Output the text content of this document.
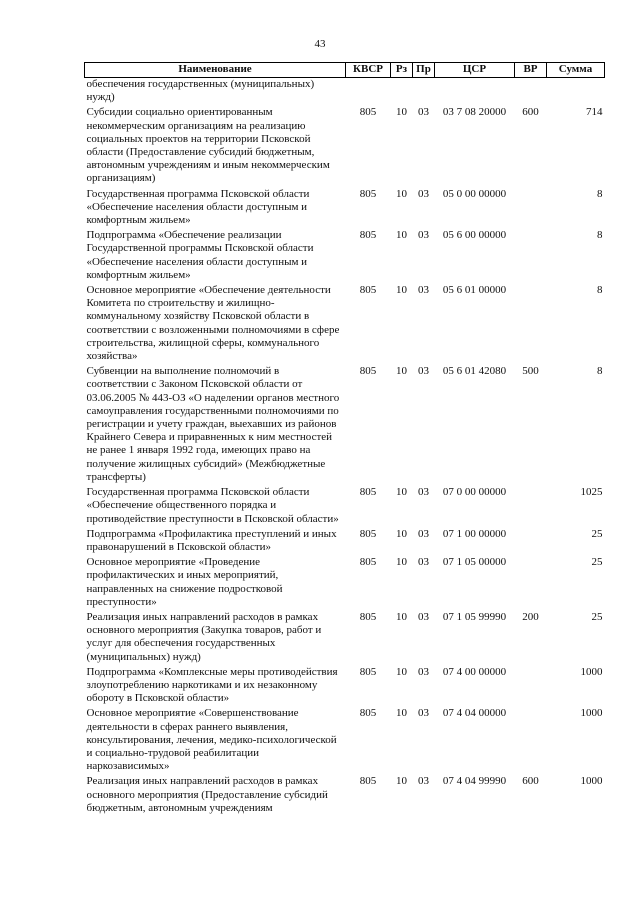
43
Наименование	КВСР	Рз	Пр	ЦСР	ВР	Сумма
обеспечения государственных (муниципальных) нужд)						
Субсидии социально ориентированным некоммерческим организациям на реализацию социальных проектов на территории Псковской области (Предоставление субсидий бюджетным, автономным учреждениям и иным некоммерческим организациям)	805	10	03	03 7 08 20000	600	714
Государственная программа Псковской области «Обеспечение населения области доступным и комфортным жильем»	805	10	03	05 0 00 00000		8
Подпрограмма «Обеспечение реализации Государственной программы Псковской области «Обеспечение населения области доступным и комфортным жильем»	805	10	03	05 6 00 00000		8
Основное мероприятие «Обеспечение деятельности Комитета по строительству и жилищно-коммунальному хозяйству Псковской области в соответствии с возложенными полномочиями в сфере строительства, жилищной сферы, коммунального хозяйства»	805	10	03	05 6 01 00000		8
Субвенции на выполнение полномочий в соответствии с Законом Псковской области от 03.06.2005 № 443-ОЗ «О наделении органов местного самоуправления государственными полномочиями по регистрации и учету граждан, выехавших из районов Крайнего Севера и приравненных к ним местностей не ранее 1 января 1992 года, имеющих право на получение жилищных субсидий» (Межбюджетные трансферты)	805	10	03	05 6 01 42080	500	8
Государственная программа Псковской области «Обеспечение общественного порядка и противодействие преступности в Псковской области»	805	10	03	07 0 00 00000		1025
Подпрограмма «Профилактика преступлений и иных правонарушений в Псковской области»	805	10	03	07 1 00 00000		25
Основное мероприятие «Проведение профилактических и иных мероприятий, направленных на снижение подростковой преступности»	805	10	03	07 1 05 00000		25
Реализация иных направлений расходов в рамках основного мероприятия (Закупка товаров, работ и услуг для обеспечения государственных (муниципальных) нужд)	805	10	03	07 1 05 99990	200	25
Подпрограмма «Комплексные меры противодействия злоупотреблению наркотиками и их незаконному обороту в Псковской области»	805	10	03	07 4 00 00000		1000
Основное мероприятие «Совершенствование деятельности в сферах раннего выявления, консультирования, лечения, медико-психологической и социально-трудовой реабилитации наркозависимых»	805	10	03	07 4 04 00000		1000
Реализация иных направлений расходов в рамках основного мероприятия (Предоставление субсидий бюджетным, автономным учреждениям	805	10	03	07 4 04 99990	600	1000
